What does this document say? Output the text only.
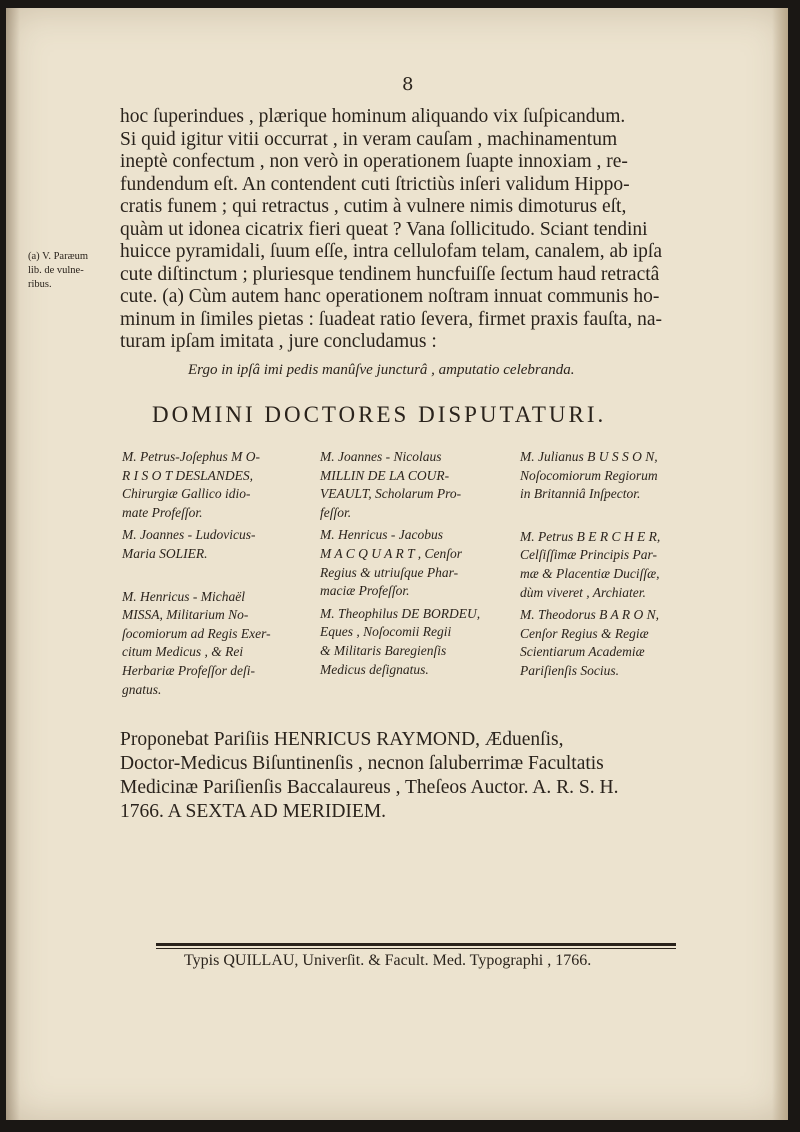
8
hoc ſuperindues , plærique hominum aliquando vix ſuſpicandum.
Si quid igitur vitii occurrat , in veram cauſam , machinamentum
ineptè confectum , non verò in operationem ſuapte innoxiam , re-
fundendum eſt. An contendent cuti ſtrictiùs inſeri validum Hippo-
cratis funem ; qui retractus , cutim à vulnere nimis dimoturus eſt,
quàm ut idonea cicatrix fieri queat ? Vana ſollicitudo. Sciant tendini
huicce pyramidali, ſuum eſſe, intra cellulofam telam, canalem, ab ipſa
cute diſtinctum ; pluriesque tendinem huncfuiſſe ſectum haud retractâ
cute. (a) Cùm autem hanc operationem noſtram innuat communis ho-
minum in ſimiles pietas : ſuadeat ratio ſevera, firmet praxis fauſta, na-
turam ipſam imitata , jure concludamus :
(a) V. Paræum
lib. de vulne-
ribus.
Ergo in ipſâ imi pedis manûſve juncturâ , amputatio celebranda.
DOMINI DOCTORES DISPUTATURI.
M. Petrus-Joſephus M O-
R I S O T DESLANDES,
Chirurgiæ Gallico idio-
mate Profeſſor.
M. Joannes - Ludovicus-
Maria SOLIER.
M. Henricus - Michaël
MISSA, Militarium No-
ſocomiorum ad Regis Exer-
citum Medicus , & Rei
Herbariæ Profeſſor deſi-
gnatus.
M. Joannes - Nicolaus
MILLIN DE LA COUR-
VEAULT, Scholarum Pro-
feſſor.
M. Henricus - Jacobus
M A C Q U A R T , Cenſor
Regius & utriuſque Phar-
maciæ Profeſſor.
M. Theophilus DE BORDEU,
Eques , Noſocomii Regii
& Militaris Baregienſis
Medicus deſignatus.
M. Julianus B U S S O N,
Noſocomiorum Regiorum
in Britanniâ Inſpector.
M. Petrus B E R C H E R,
Celſiſſimæ Principis Par-
mæ & Placentiæ Duciſſæ,
dùm viveret , Archiater.
M. Theodorus B A R O N,
Cenſor Regius & Regiæ
Scientiarum Academiæ
Pariſienſis Socius.
Proponebat Pariſiis HENRICUS RAYMOND, Æduenſis,
Doctor-Medicus Biſuntinenſis , necnon ſaluberrimæ Facultatis
Medicinæ Pariſienſis Baccalaureus , Theſeos Auctor. A. R. S. H.
1766. A SEXTA AD MERIDIEM.
Typis QUILLAU, Univerſit. & Facult. Med. Typographi , 1766.
